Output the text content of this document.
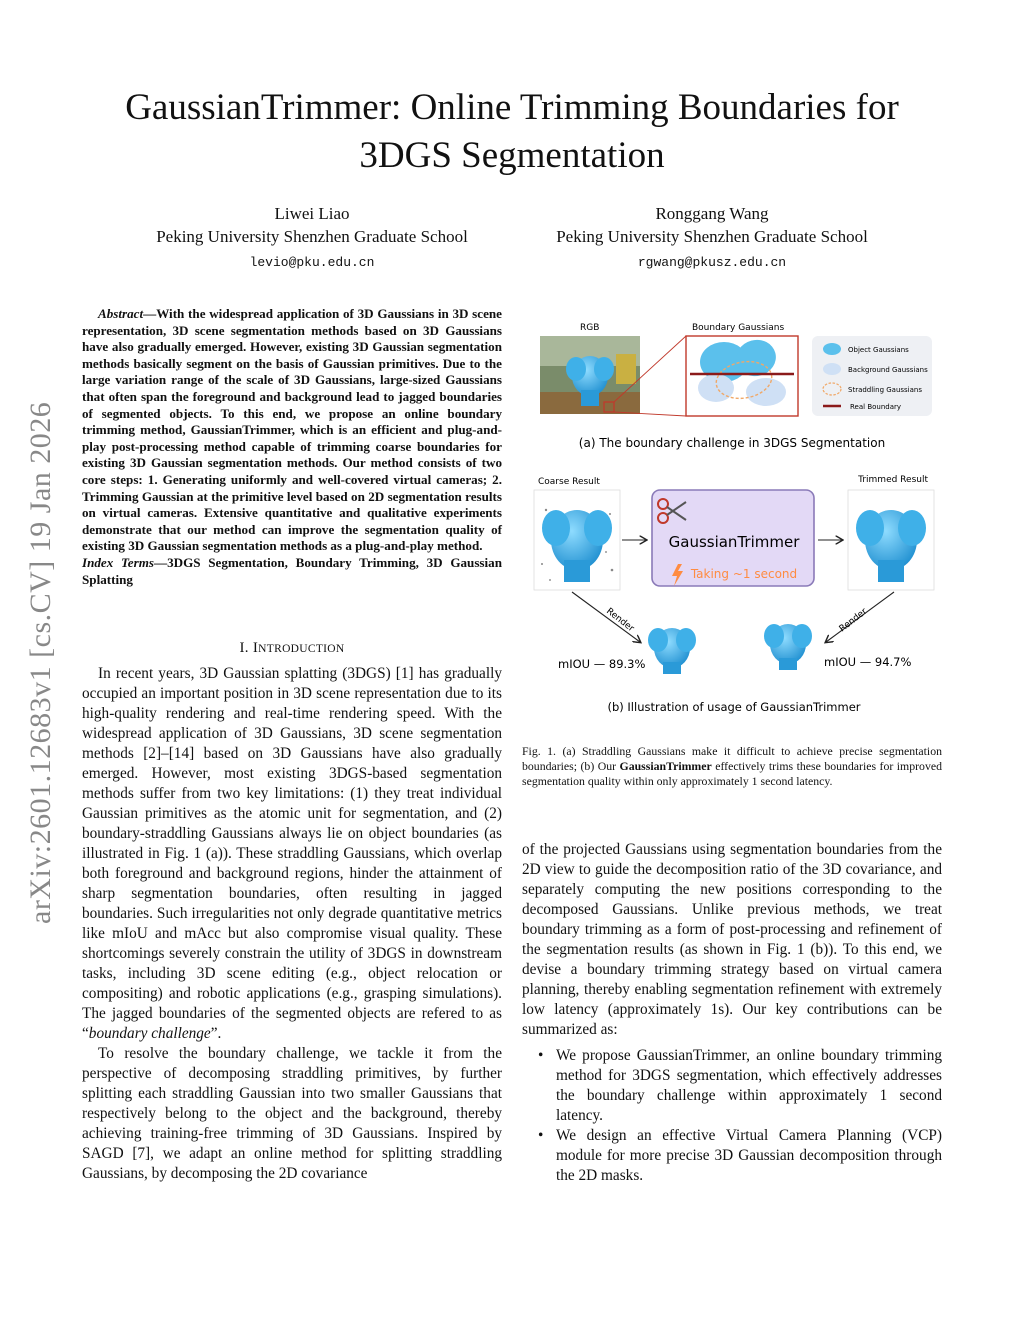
arXiv:2601.12683v1 [cs.CV] 19 Jan 2026
GaussianTrimmer: Online Trimming Boundaries for
3DGS Segmentation
Liwei Liao
Peking University Shenzhen Graduate School
levio@pku.edu.cn
Ronggang Wang
Peking University Shenzhen Graduate School
rgwang@pkusz.edu.cn
Abstract—With the widespread application of 3D Gaussians in 3D scene representation, 3D scene segmentation methods based on 3D Gaussians have also gradually emerged. However, existing 3D Gaussian segmentation methods basically segment on the basis of Gaussian primitives. Due to the large variation range of the scale of 3D Gaussians, large-sized Gaussians that often span the foreground and background lead to jagged boundaries of segmented objects. To this end, we propose an online boundary trimming method, GaussianTrimmer, which is an efficient and plug-and-play post-processing method capable of trimming coarse boundaries for existing 3D Gaussian segmentation methods. Our method consists of two core steps: 1. Generating uniformly and well-covered virtual cameras; 2. Trimming Gaussian at the primitive level based on 2D segmentation results on virtual cameras. Extensive quantitative and qualitative experiments demonstrate that our method can improve the segmentation quality of existing 3D Gaussian segmentation methods as a plug-and-play method.
Index Terms—3DGS Segmentation, Boundary Trimming, 3D Gaussian Splatting
I. INTRODUCTION

In recent years, 3D Gaussian splatting (3DGS) [1] has gradually occupied an important position in 3D scene representation due to its high-quality rendering and real-time rendering speed. With the widespread application of 3D Gaussians, 3D scene segmentation methods [2]–[14] based on 3D Gaussians have also gradually emerged. However, most existing 3DGS-based segmentation methods suffer from two key limitations: (1) they treat individual Gaussian primitives as the atomic unit for segmentation, and (2) boundary-straddling Gaussians always lie on object boundaries (as illustrated in Fig. 1 (a)). These straddling Gaussians, which overlap both foreground and background regions, hinder the attainment of sharp segmentation boundaries, often resulting in jagged boundaries. Such irregularities not only degrade quantitative metrics like mIoU and mAcc but also compromise visual quality. These shortcomings severely constrain the utility of 3DGS in downstream tasks, including 3D scene editing (e.g., object relocation or compositing) and robotic applications (e.g., grasping simulations). The jagged boundaries of the segmented objects are refered to as “boundary challenge”.

To resolve the boundary challenge, we tackle it from the perspective of decomposing straddling primitives, by further splitting each straddling Gaussian into two smaller Gaussians that respectively belong to the object and the background, thereby achieving training-free trimming of 3D Gaussians. Inspired by SAGD [7], we adapt an online method for splitting straddling Gaussians, by decomposing the 2D covariance

of the projected Gaussians using segmentation boundaries from the 2D view to guide the decomposition ratio of the 3D covariance, and separately computing the new positions corresponding to the decomposed Gaussians. Unlike previous methods, we treat boundary trimming as a form of post-processing and refinement of the segmentation results (as shown in Fig. 1 (b)). To this end, we devise a boundary trimming strategy based on virtual camera planning, thereby enabling segmentation refinement with extremely low latency (approximately 1s). Our key contributions can be summarized as:

• We propose GaussianTrimmer, an online boundary trimming method for 3DGS segmentation, which effectively addresses the boundary challenge within approximately 1 second latency.
• We design an effective Virtual Camera Planning (VCP) module for more precise 3D Gaussian decomposition through the 2D masks.
RGB	Boundary Gaussians
Object Gaussians
Background Gaussians
Straddling Gaussians
Real Boundary
(a) The boundary challenge in 3DGS Segmentation
Coarse Result	Trimmed Result
GaussianTrimmer
Taking ~1 second
Render	Render
mIOU — 89.3%	mIOU — 94.7%
(b) Illustration of usage of GaussianTrimmer
Fig. 1. (a) Straddling Gaussians make it difficult to achieve precise segmentation boundaries; (b) Our GaussianTrimmer effectively trims these boundaries for improved segmentation quality within only approximately 1 second latency.
